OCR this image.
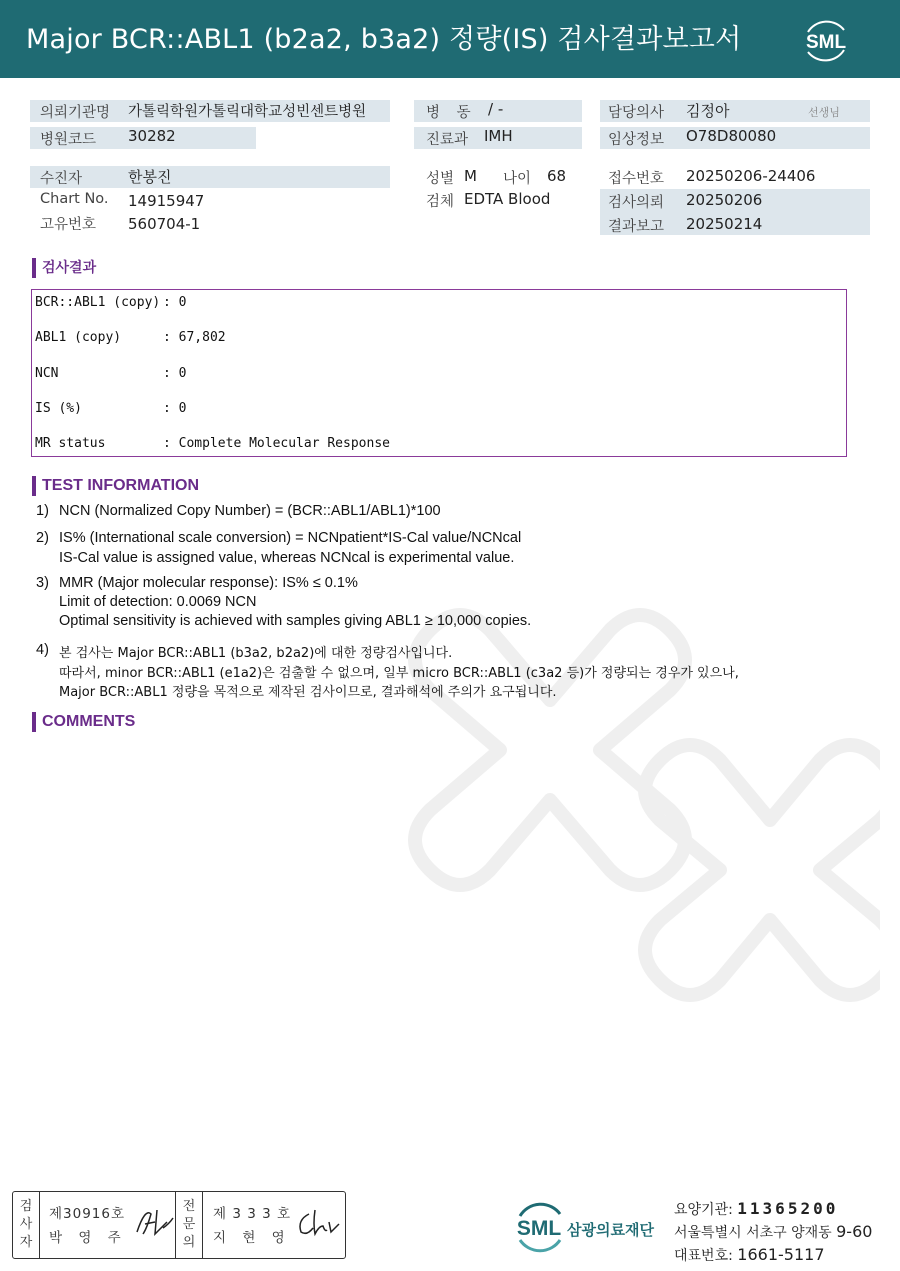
Major BCR::ABL1 (b2a2, b3a2) 정량(IS) 검사결과보고서	SML
의뢰기관명 가톨릭학원가톨릭대학교성빈센트병원
병원코드 30282
병 동 / -
진료과 IMH
담당의사 김정아	선생님
임상정보 O78D80080
수진자	한봉진
Chart No. 14915947
고유번호 560704-1
성별 M 나이 68
검체 EDTA Blood
접수번호 20250206-24406
검사의뢰 20250206
결과보고 20250214
검사결과
BCR::ABL1 (copy) : 0
ABL1 (copy)	: 67,802
NCN	: 0
IS (%)	: 0
MR status	: Complete Molecular Response
TEST INFORMATION
1) NCN (Normalized Copy Number) = (BCR::ABL1/ABL1)*100
2) IS% (International scale conversion) = NCNpatient*IS-Cal value/NCNcal
IS-Cal value is assigned value, whereas NCNcal is experimental value.
3) MMR (Major molecular response): IS% ≤ 0.1%
Limit of detection: 0.0069 NCN
Optimal sensitivity is achieved with samples giving ABL1 ≥ 10,000 copies.
4) 본 검사는 Major BCR::ABL1 (b3a2, b2a2)에 대한 정량검사입니다.
따라서, minor BCR::ABL1 (e1a2)은 검출할 수 없으며, 일부 micro BCR::ABL1 (c3a2 등)가 정량되는 경우가 있으나,
Major BCR::ABL1 정량을 목적으로 제작된 검사이므로, 결과해석에 주의가 요구됩니다.
COMMENTS
검
사
자
제30916호
박 영 주
전
문
의
제 3 3 3 호
지 현 영	SML 삼광의료재단
요양기관: 11365200
서울특별시 서초구 양재동 9-60
대표번호: 1661-5117
